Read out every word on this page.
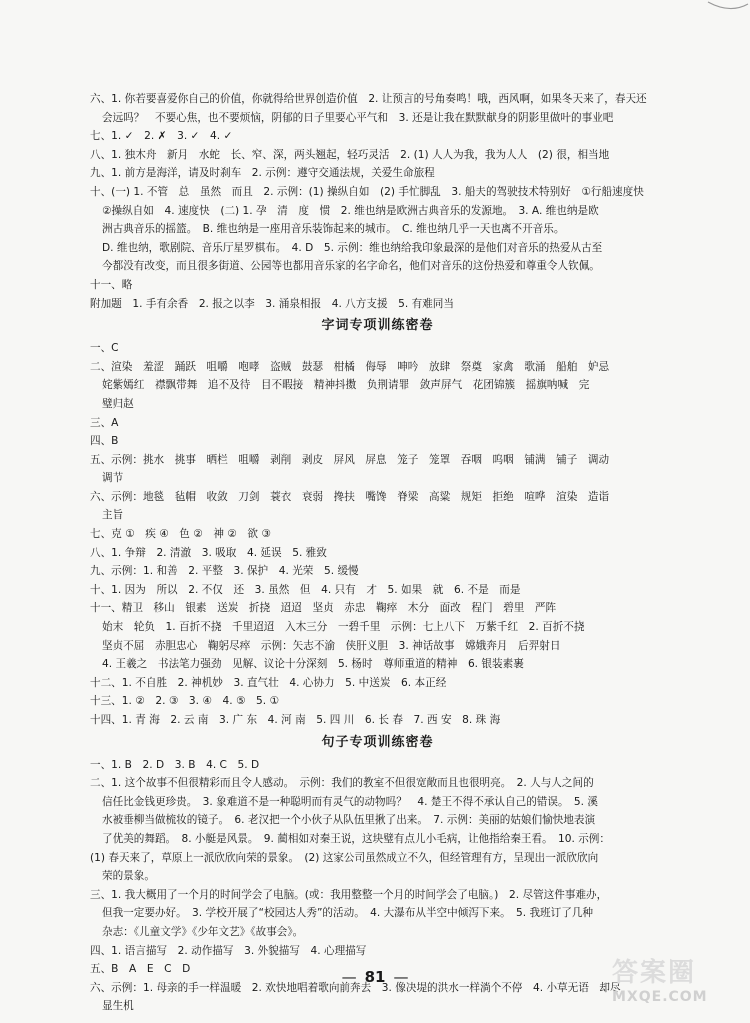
六、1. 你若要喜爱你自己的价值，你就得给世界创造价值　2. 让预言的号角奏鸣！哦，西风啊，如果冬天来了，春天还
会远吗？　不要心焦，也不要烦恼，阴郁的日子里要心平气和　3. 还是让我在默默献身的阴影里做叶的事业吧
七、1. ✓　2. ✗　3. ✓　4. ✓
八、1. 独木舟　新月　水蛇　长、窄、深，两头翘起，轻巧灵活　2. (1) 人人为我，我为人人　(2) 很，相当地
九、1. 前方是海洋，请及时刹车　2. 示例：遵守交通法规，关爱生命旅程
十、(一) 1. 不管　总　虽然　而且　2. 示例：(1) 操纵自如　(2) 手忙脚乱　3. 船夫的驾驶技术特别好　①行船速度快
②操纵自如　4. 速度快　(二) 1. 孕　清　度　惯　2. 维也纳是欧洲古典音乐的发源地。　3. A. 维也纳是欧
洲古典音乐的摇篮。　B. 维也纳是一座用音乐装饰起来的城市。　C. 维也纳几乎一天也离不开音乐。
D. 维也纳，歌剧院、音乐厅星罗棋布。　4. D　5. 示例：维也纳给我印象最深的是他们对音乐的热爱从古至
今都没有改变，而且很多街道、公园等也都用音乐家的名字命名，他们对音乐的这份热爱和尊重令人钦佩。
十一、略
附加题　1. 手有余香　2. 报之以李　3. 涌泉相报　4. 八方支援　5. 有难同当
字词专项训练密卷
一、C
二、渲染　羞涩　踊跃　咀嚼　咆哮　盗贼　鼓瑟　柑橘　侮辱　呻吟　放肆　祭奠　家禽　歌涌　船舶　妒忌
姹紫嫣红　襟飘带舞　追不及待　目不暇接　精神抖擞　负荆请罪　敛声屏气　花团锦簇　摇旗呐喊　完
璧归赵
三、A
四、B
五、示例：挑水　挑事　晒栏　咀嚼　剥削　剥皮　屏风　屏息　笼子　笼罩　吞咽　呜咽　铺满　铺子　调动
调节
六、示例：地毯　毡帽　收敛　刀剑　蓑衣　衰弱　搀扶　嘴馋　脊梁　高粱　规矩　拒绝　喧哗　渲染　造诣
主旨
七、克 ①　疾 ④　色 ②　神 ②　欲 ③
八、1. 争辩　2. 清澈　3. 吸取　4. 延误　5. 雅致
九、示例：1. 和善　2. 平整　3. 保护　4. 光荣　5. 缓慢
十、1. 因为　所以　2. 不仅　还　3. 虽然　但　4. 只有　才　5. 如果　就　6. 不是　而是
十一、精卫　移山　银素　送炭　折挠　迢迢　坚贞　赤忠　鞠瘁　木分　面改　程门　碧里　严阵
始末　轮负　1. 百折不挠　千里迢迢　入木三分　一碧千里　示例：七上八下　万紫千红　2. 百折不挠
坚贞不屈　赤胆忠心　鞠躬尽瘁　示例：矢志不渝　侠肝义胆　3. 神话故事　嫦娥奔月　后羿射日
4. 王羲之　书法笔力强劲　见解、议论十分深刻　5. 杨时　尊师重道的精神　6. 银装素裹
十二、1. 不自胜　2. 神机妙　3. 直气壮　4. 心协力　5. 中送炭　6. 本正经
十三、1. ②　2. ③　3. ④　4. ⑤　5. ①
十四、1. 青 海　2. 云 南　3. 广 东　4. 河 南　5. 四 川　6. 长 春　7. 西 安　8. 珠 海
句子专项训练密卷
一、1. B　2. D　3. B　4. C　5. D
二、1. 这个故事不但很精彩而且令人感动。　示例：我们的教室不但很宽敞而且也很明亮。　2. 人与人之间的
信任比金钱更珍贵。　3. 象难道不是一种聪明而有灵气的动物吗？　4. 楚王不得不承认自己的错误。　5. 溪
水被垂柳当做梳妆的镜子。　6. 老汉把一个小伙子从队伍里揪了出来。　7. 示例：美丽的姑娘们愉快地表演
了优美的舞蹈。　8. 小艇是风景。　9. 蔺相如对秦王说，这块璧有点儿小毛病，让他指给秦王看。　10. 示例：
(1) 春天来了，草原上一派欣欣向荣的景象。　(2) 这家公司虽然成立不久，但经管理有方，呈现出一派欣欣向
荣的景象。
三、1. 我大概用了一个月的时间学会了电脑。(或：我用整整一个月的时间学会了电脑。)　2. 尽管这件事难办，
但我一定要办好。　3. 学校开展了“校园达人秀”的活动。　4. 大瀑布从半空中倾泻下来。　5. 我班订了几种
杂志：《儿童文学》《少年文艺》《故事会》。
四、1. 语言描写　2. 动作描写　3. 外貌描写　4. 心理描写
五、B　A　E　C　D
六、示例：1. 母亲的手一样温暖　2. 欢快地唱着歌向前奔去　3. 像决堤的洪水一样淌个不停　4. 小草无语　却尽
显生机
— 81 —	答案圈
MXQE.COM
